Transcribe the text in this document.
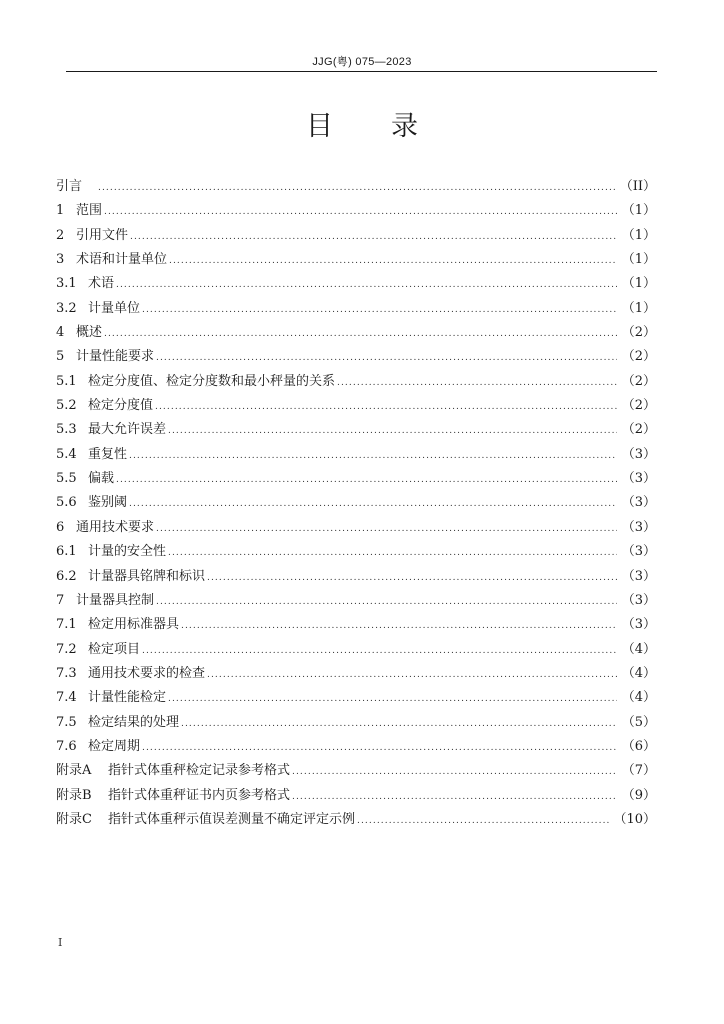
JJG(粤) 075—2023
目录
引言 .....	（II）
1 范围 .....	（1）
2 引用文件 .....	（1）
3 术语和计量单位 .....	（1）
3.1 术语 .....	（1）
3.2 计量单位 .....	（1）
4 概述 .....	（2）
5 计量性能要求 .....	（2）
5.1 检定分度值、检定分度数和最小秤量的关系 .....	（2）
5.2 检定分度值 .....	（2）
5.3 最大允许误差 .....	（2）
5.4 重复性 .....	（3）
5.5 偏载 .....	（3）
5.6 鉴别阈 .....	（3）
6 通用技术要求 .....	（3）
6.1 计量的安全性 .....	（3）
6.2 计量器具铭牌和标识 .....	（3）
7 计量器具控制 .....	（3）
7.1 检定用标准器具 .....	（3）
7.2 检定项目 .....	（4）
7.3 通用技术要求的检查 .....	（4）
7.4 计量性能检定 .....	（4）
7.5 检定结果的处理 .....	（5）
7.6 检定周期 .....	（6）
附录A	指针式体重秤检定记录参考格式 .....	（7）
附录B	指针式体重秤证书内页参考格式 .....	（9）
附录C	指针式体重秤示值误差测量不确定评定示例 .....	（10）
I
